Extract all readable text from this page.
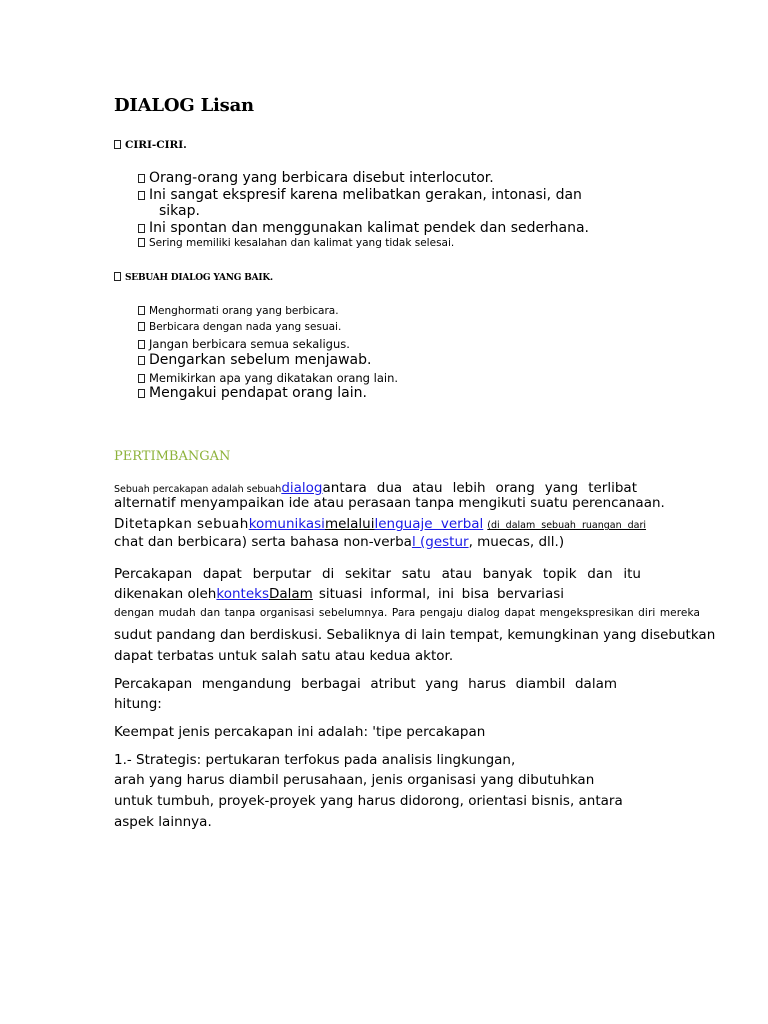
DIALOG Lisan
CIRI-CIRI.
Orang-orang yang berbicara disebut interlocutor.
Ini sangat ekspresif karena melibatkan gerakan, intonasi, dan
sikap.
Ini spontan dan menggunakan kalimat pendek dan sederhana.
Sering memiliki kesalahan dan kalimat yang tidak selesai.
SEBUAH DIALOG YANG BAIK.
Menghormati orang yang berbicara.
Berbicara dengan nada yang sesuai.
Jangan berbicara semua sekaligus.
Dengarkan sebelum menjawab.
Memikirkan apa yang dikatakan orang lain.
Mengakui pendapat orang lain.
PERTIMBANGAN
Sebuah percakapan adalah sebuahdialog antara dua atau lebih orang yang terlibat
alternatif menyampaikan ide atau perasaan tanpa mengikuti suatu perencanaan.
Ditetapkan sebuahkomunikasimelaluilenguaje verbal (di dalam sebuah ruangan dari
chat dan berbicara) serta bahasa non-verbal (gestur, muecas, dll.)
Percakapan dapat berputar di sekitar satu atau banyak topik dan itu
dikenakan oleh konteks Dalam situasi informal, ini bisa bervariasi
dengan mudah dan tanpa organisasi sebelumnya. Para pengaju dialog dapat mengekspresikan diri mereka
sudut pandang dan berdiskusi. Sebaliknya di lain tempat, kemungkinan yang disebutkan
dapat terbatas untuk salah satu atau kedua aktor.
Percakapan mengandung berbagai atribut yang harus diambil dalam
hitung:
Keempat jenis percakapan ini adalah: 'tipe percakapan
1.- Strategis: pertukaran terfokus pada analisis lingkungan,
arah yang harus diambil perusahaan, jenis organisasi yang dibutuhkan
untuk tumbuh, proyek-proyek yang harus didorong, orientasi bisnis, antara
aspek lainnya.
